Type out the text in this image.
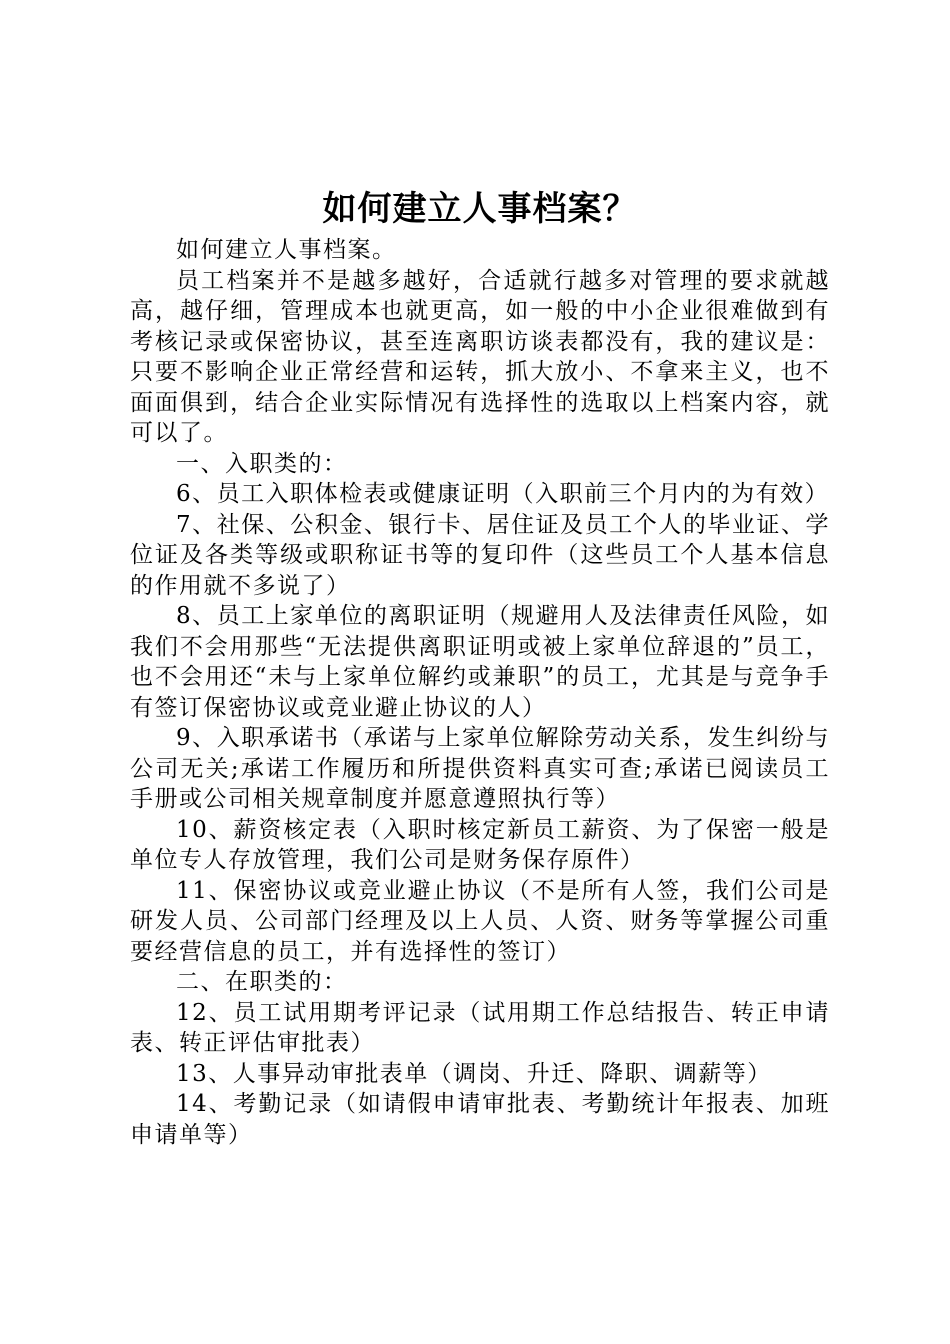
如何建立人事档案？

如何建立人事档案。

员工档案并不是越多越好，合适就行越多对管理的要求就越高，越仔细，管理成本也就更高，如一般的中小企业很难做到有考核记录或保密协议，甚至连离职访谈表都没有，我的建议是：只要不影响企业正常经营和运转，抓大放小、不拿来主义，也不面面俱到，结合企业实际情况有选择性的选取以上档案内容，就可以了。

一、入职类的：

6、员工入职体检表或健康证明（入职前三个月内的为有效）

7、社保、公积金、银行卡、居住证及员工个人的毕业证、学位证及各类等级或职称证书等的复印件（这些员工个人基本信息的作用就不多说了）

8、员工上家单位的离职证明（规避用人及法律责任风险，如我们不会用那些“无法提供离职证明或被上家单位辞退的”员工，也不会用还“未与上家单位解约或兼职”的员工，尤其是与竞争手有签订保密协议或竞业避止协议的人）

9、入职承诺书（承诺与上家单位解除劳动关系，发生纠纷与公司无关;承诺工作履历和所提供资料真实可查;承诺已阅读员工手册或公司相关规章制度并愿意遵照执行等）

10、薪资核定表（入职时核定新员工薪资、为了保密一般是单位专人存放管理，我们公司是财务保存原件）

11、保密协议或竞业避止协议（不是所有人签，我们公司是研发人员、公司部门经理及以上人员、人资、财务等掌握公司重要经营信息的员工，并有选择性的签订）

二、在职类的：

12、员工试用期考评记录（试用期工作总结报告、转正申请表、转正评估审批表）

13、人事异动审批表单（调岗、升迁、降职、调薪等）

14、考勤记录（如请假申请审批表、考勤统计年报表、加班申请单等）
